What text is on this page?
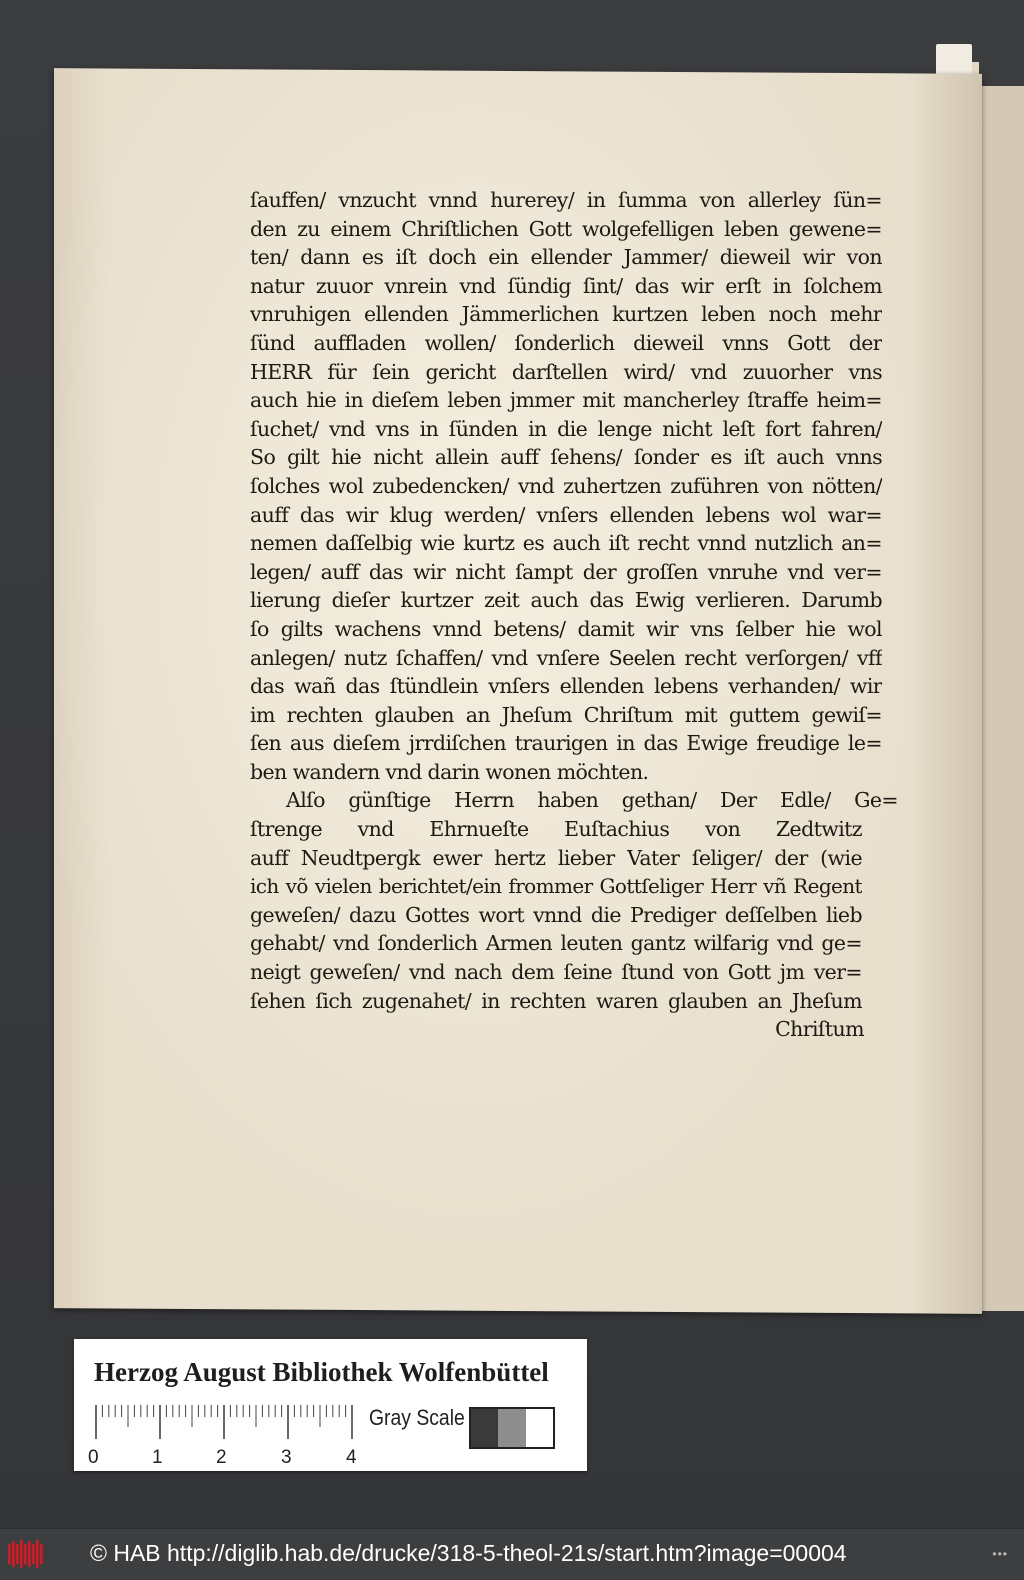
ſauffen/ vnzucht vnnd hurerey/ in ſumma von allerley ſün=
den zu einem Chriſtlichen Gott wolgefelligen leben gewene=
ten/ dann es iſt doch ein ellender Jammer/ dieweil wir von
natur zuuor vnrein vnd ſündig ſint/ das wir erſt in ſolchem
vnruhigen ellenden Jämmerlichen kurtzen leben noch mehr
ſünd auffladen wollen/ ſonderlich dieweil vnns Gott der
HERR für ſein gericht darſtellen wird/ vnd zuuorher vns
auch hie in dieſem leben jmmer mit mancherley ſtraffe heim=
ſuchet/ vnd vns in ſünden in die lenge nicht leſt fort fahren/
So gilt hie nicht allein auff ſehens/ ſonder es iſt auch vnns
ſolches wol zubedencken/ vnd zuhertzen zuführen von nötten/
auff das wir klug werden/ vnſers ellenden lebens wol war=
nemen daſſelbig wie kurtz es auch iſt recht vnnd nutzlich an=
legen/ auff das wir nicht ſampt der groſſen vnruhe vnd ver=
lierung dieſer kurtzer zeit auch das Ewig verlieren. Darumb
ſo gilts wachens vnnd betens/ damit wir vns ſelber hie wol
anlegen/ nutz ſchaffen/ vnd vnſere Seelen recht verſorgen/ vff
das wañ das ſtündlein vnſers ellenden lebens verhanden/ wir
im rechten glauben an Jheſum Chriſtum mit guttem gewiſ=
ſen aus dieſem jrrdiſchen traurigen in das Ewige freudige le=
ben wandern vnd darin wonen möchten.
Alſo günſtige Herrn haben gethan/ Der Edle/ Ge=
ſtrenge vnd Ehrnueſte Euſtachius von Zedtwitz
auff Neudtpergk ewer hertz lieber Vater ſeliger/ der (wie
ich võ vielen berichtet/ein frommer Gottſeliger Herr vñ Regent
geweſen/ dazu Gottes wort vnnd die Prediger deſſelben lieb
gehabt/ vnd ſonderlich Armen leuten gantz wilfarig vnd ge=
neigt geweſen/ vnd nach dem ſeine ſtund von Gott jm ver=
ſehen ſich zugenahet/ in rechten waren glauben an Jheſum
Chriſtum
Herzog August Bibliothek Wolfenbüttel
0	1	2	3	4
Gray Scale
© HAB http://diglib.hab.de/drucke/318-5-theol-21s/start.htm?image=00004	•••
